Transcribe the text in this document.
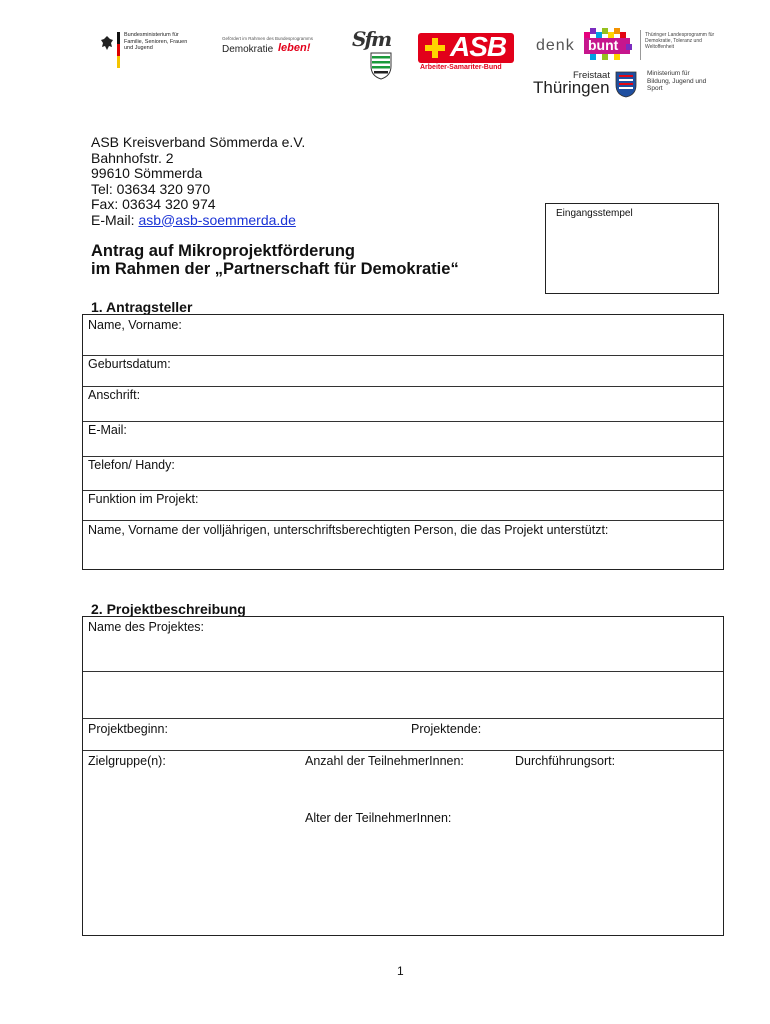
Bundesministerium für Familie, Senioren, Frauen und Jugend
Gefördert im Rahmen des Bundesprogramms
Demokratie leben! Sfm ASB
Arbeiter-Samariter-Bund
denk bunt
Thüringer Landesprogramm für Demokratie, Toleranz und Weltoffenheit
Freistaat
Thüringen
Ministerium für Bildung, Jugend und Sport
ASB Kreisverband Sömmerda e.V.
Bahnhofstr. 2
99610 Sömmerda
Tel: 03634 320 970
Fax: 03634 320 974
E-Mail: asb@asb-soemmerda.de	Eingangsstempel
Antrag auf Mikroprojektförderung
im Rahmen der „Partnerschaft für Demokratie“
1. Antragsteller
Name, Vorname:
Geburtsdatum:
Anschrift:
E-Mail:
Telefon/ Handy:
Funktion im Projekt:
Name, Vorname der volljährigen, unterschriftsberechtigten Person, die das Projekt unterstützt:
2. Projektbeschreibung
Name des Projektes:
Projektbeginn:	Projektende:
Zielgruppe(n):	Anzahl der TeilnehmerInnen:	Durchführungsort:
Alter der TeilnehmerInnen:
1
